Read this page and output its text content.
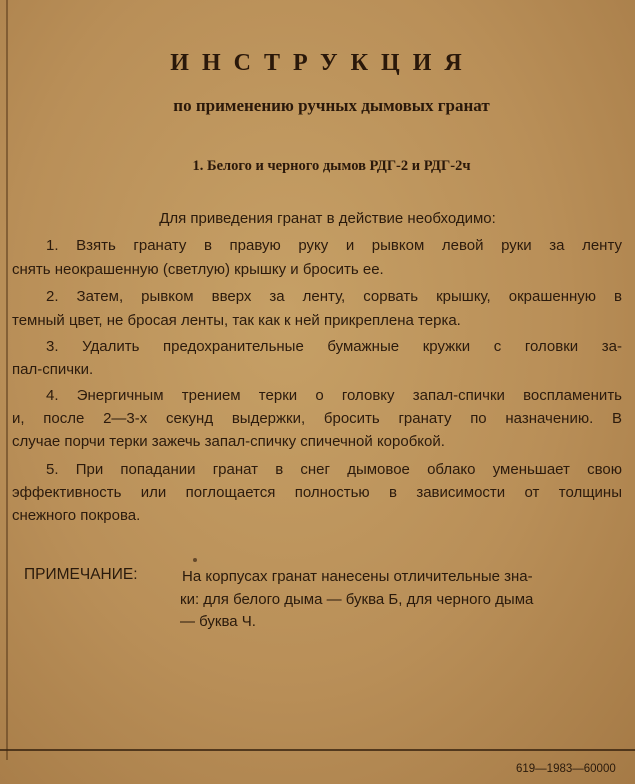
ИНСТРУКЦИЯ
по применению ручных дымовых гранат
1. Белого и черного дымов РДГ-2 и РДГ-2ч
Для приведения гранат в действие необходимо:
1. Взять гранату в правую руку и рывком левой руки за ленту
снять неокрашенную (светлую) крышку и бросить ее.
2. Затем, рывком вверх за ленту, сорвать крышку, окрашенную в
темный цвет, не бросая ленты, так как к ней прикреплена терка.
3. Удалить предохранительные бумажные кружки с головки за-
пал-спички.
4. Энергичным трением терки о головку запал-спички воспламенить
и, после 2—3-х секунд выдержки, бросить гранату по назначению. В
случае порчи терки зажечь запал-спичку спичечной коробкой.
5. При попадании гранат в снег дымовое облако уменьшает свою
эффективность или поглощается полностью в зависимости от толщины
снежного покрова.
ПРИМЕЧАНИЕ:	На корпусах гранат нанесены отличительные зна-
ки: для белого дыма — буква Б, для черного дыма
— буква Ч.
619—1983—60000
